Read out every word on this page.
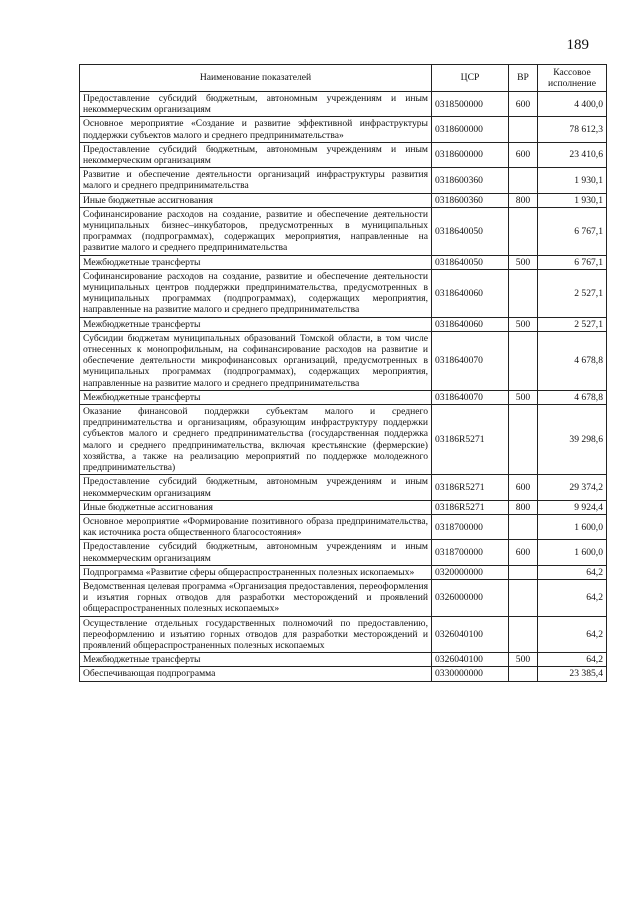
189
Наименование показателей	ЦСР	ВР	Кассовое исполнение
Предоставление субсидий бюджетным, автономным учреждениям и иным некоммерческим организациям	0318500000	600	4 400,0
Основное мероприятие «Создание и развитие эффективной инфраструктуры поддержки субъектов малого и среднего предпринимательства»	0318600000		78 612,3
Предоставление субсидий бюджетным, автономным учреждениям и иным некоммерческим организациям	0318600000	600	23 410,6
Развитие и обеспечение деятельности организаций инфраструктуры развития малого и среднего предпринимательства	0318600360		1 930,1
Иные бюджетные ассигнования	0318600360	800	1 930,1
Софинансирование расходов на создание, развитие и обеспечение деятельности муниципальных бизнес–инкубаторов, предусмотренных в муниципальных программах (подпрограммах), содержащих мероприятия, направленные на развитие малого и среднего предпринимательства	0318640050		6 767,1
Межбюджетные трансферты	0318640050	500	6 767,1
Софинансирование расходов на создание, развитие и обеспечение деятельности муниципальных центров поддержки предпринимательства, предусмотренных в муниципальных программах (подпрограммах), содержащих мероприятия, направленные на развитие малого и среднего предпринимательства	0318640060		2 527,1
Межбюджетные трансферты	0318640060	500	2 527,1
Субсидии бюджетам муниципальных образований Томской области, в том числе отнесенных к монопрофильным, на софинансирование расходов на развитие и обеспечение деятельности микрофинансовых организаций, предусмотренных в муниципальных программах (подпрограммах), содержащих мероприятия, направленные на развитие малого и среднего предпринимательства	0318640070		4 678,8
Межбюджетные трансферты	0318640070	500	4 678,8
Оказание финансовой поддержки субъектам малого и среднего предпринимательства и организациям, образующим инфраструктуру поддержки субъектов малого и среднего предпринимательства (государственная поддержка малого и среднего предпринимательства, включая крестьянские (фермерские) хозяйства, а также на реализацию мероприятий по поддержке молодежного предпринимательства)	03186R5271		39 298,6
Предоставление субсидий бюджетным, автономным учреждениям и иным некоммерческим организациям	03186R5271	600	29 374,2
Иные бюджетные ассигнования	03186R5271	800	9 924,4
Основное мероприятие «Формирование позитивного образа предпринимательства, как источника роста общественного благосостояния»	0318700000		1 600,0
Предоставление субсидий бюджетным, автономным учреждениям и иным некоммерческим организациям	0318700000	600	1 600,0
Подпрограмма «Развитие сферы общераспространенных полезных ископаемых»	0320000000		64,2
Ведомственная целевая программа «Организация предоставления, переоформления и изъятия горных отводов для разработки месторождений и проявлений общераспространенных полезных ископаемых»	0326000000		64,2
Осуществление отдельных государственных полномочий по предоставлению, переоформлению и изъятию горных отводов для разработки месторождений и проявлений общераспространенных полезных ископаемых	0326040100		64,2
Межбюджетные трансферты	0326040100	500	64,2
Обеспечивающая подпрограмма	0330000000		23 385,4
